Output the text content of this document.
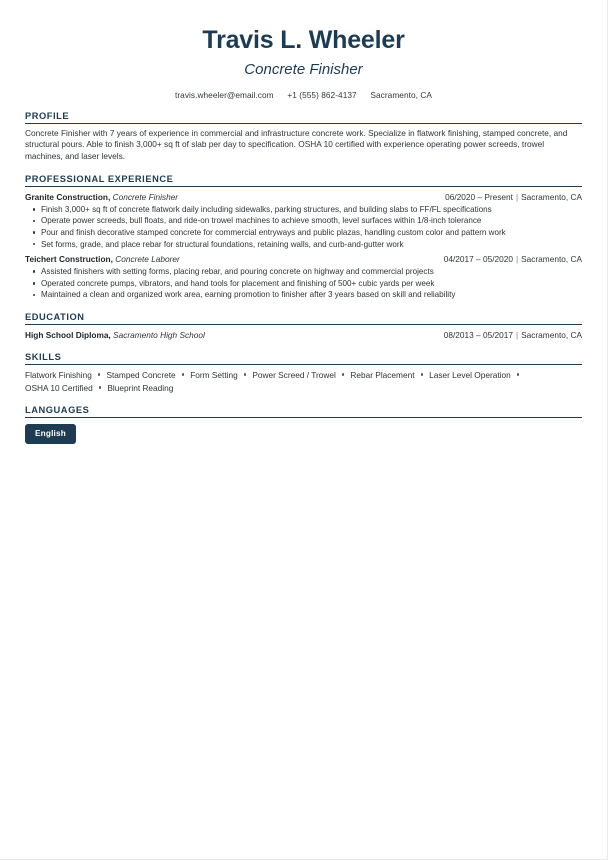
Travis L. Wheeler
Concrete Finisher
travis.wheeler@email.com +1 (555) 862-4137 Sacramento, CA
PROFILE
Concrete Finisher with 7 years of experience in commercial and infrastructure concrete work. Specialize in flatwork finishing, stamped concrete, and structural pours. Able to finish 3,000+ sq ft of slab per day to specification. OSHA 10 certified with experience operating power screeds, trowel machines, and laser levels.
PROFESSIONAL EXPERIENCE
Granite Construction, Concrete Finisher	06/2020 – Present | Sacramento, CA
Finish 3,000+ sq ft of concrete flatwork daily including sidewalks, parking structures, and building slabs to FF/FL specifications
Operate power screeds, bull floats, and ride-on trowel machines to achieve smooth, level surfaces within 1/8-inch tolerance
Pour and finish decorative stamped concrete for commercial entryways and public plazas, handling custom color and pattern work
Set forms, grade, and place rebar for structural foundations, retaining walls, and curb-and-gutter work
Teichert Construction, Concrete Laborer	04/2017 – 05/2020 | Sacramento, CA
Assisted finishers with setting forms, placing rebar, and pouring concrete on highway and commercial projects
Operated concrete pumps, vibrators, and hand tools for placement and finishing of 500+ cubic yards per week
Maintained a clean and organized work area, earning promotion to finisher after 3 years based on skill and reliability
EDUCATION
High School Diploma, Sacramento High School	08/2013 – 05/2017 | Sacramento, CA
SKILLS
Flatwork Finishing Stamped Concrete Form Setting Power Screed / Trowel Rebar Placement Laser Level OperationOSHA 10 Certified Blueprint Reading
LANGUAGES
English
